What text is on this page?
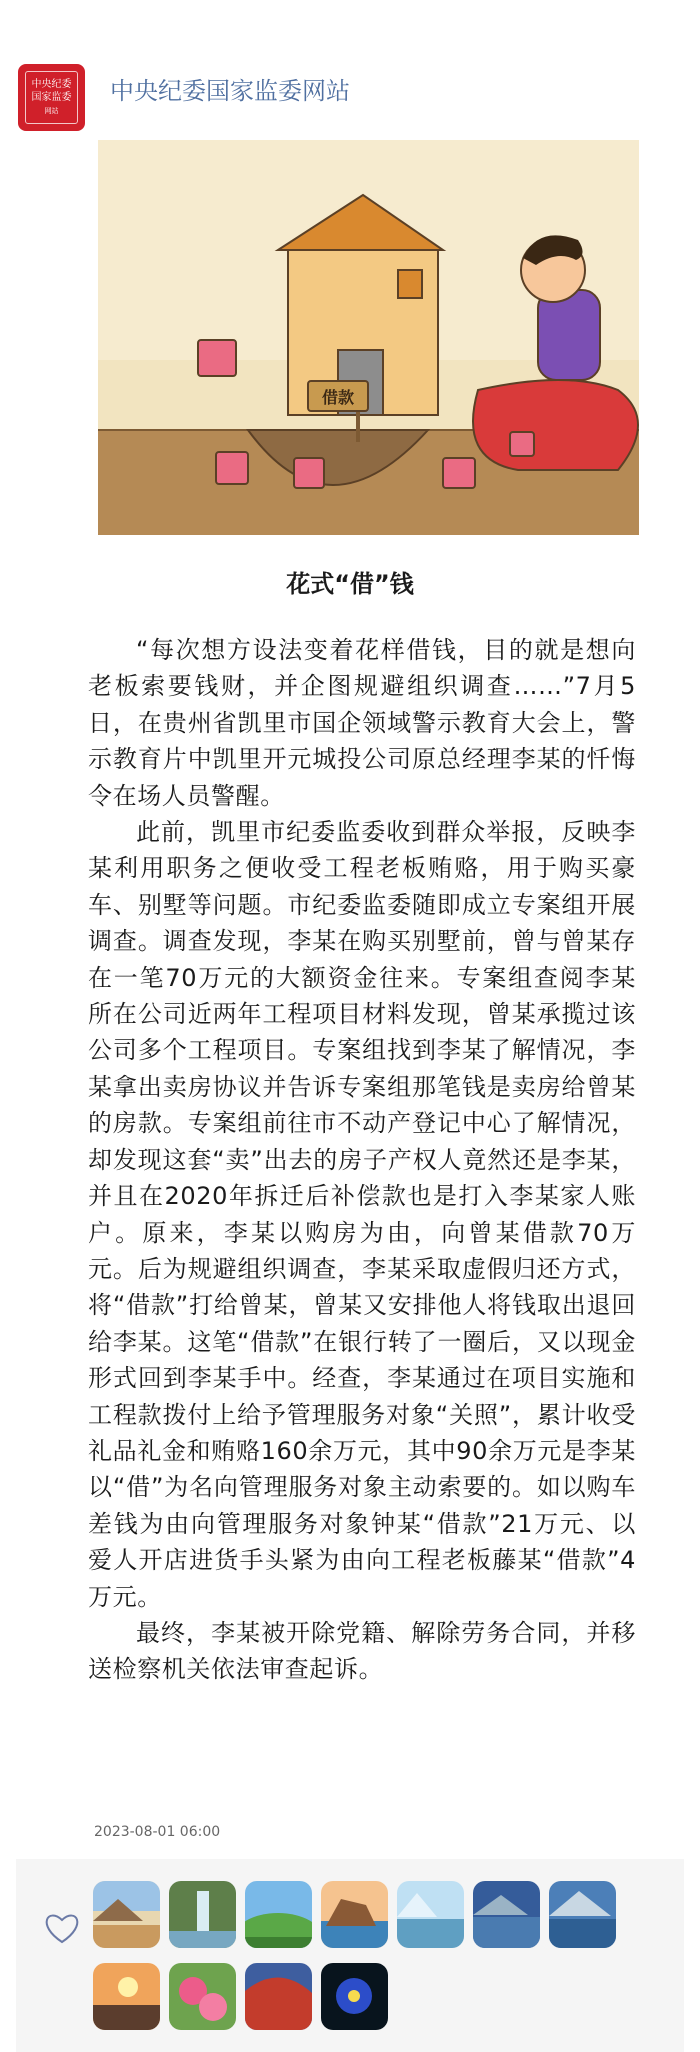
中央纪委
国家监委
网站
中央纪委国家监委网站
借款
花式“借”钱

“每次想方设法变着花样借钱，目的就是想向老板索要钱财，并企图规避组织调查……”7月5日，在贵州省凯里市国企领域警示教育大会上，警示教育片中凯里开元城投公司原总经理李某的忏悔令在场人员警醒。

此前，凯里市纪委监委收到群众举报，反映李某利用职务之便收受工程老板贿赂，用于购买豪车、别墅等问题。市纪委监委随即成立专案组开展调查。调查发现，李某在购买别墅前，曾与曾某存在一笔70万元的大额资金往来。专案组查阅李某所在公司近两年工程项目材料发现，曾某承揽过该公司多个工程项目。专案组找到李某了解情况，李某拿出卖房协议并告诉专案组那笔钱是卖房给曾某的房款。专案组前往市不动产登记中心了解情况，却发现这套“卖”出去的房子产权人竟然还是李某，并且在2020年拆迁后补偿款也是打入李某家人账户。原来，李某以购房为由，向曾某借款70万元。后为规避组织调查，李某采取虚假归还方式，将“借款”打给曾某，曾某又安排他人将钱取出退回给李某。这笔“借款”在银行转了一圈后，又以现金形式回到李某手中。经查，李某通过在项目实施和工程款拨付上给予管理服务对象“关照”，累计收受礼品礼金和贿赂160余万元，其中90余万元是李某以“借”为名向管理服务对象主动索要的。如以购车差钱为由向管理服务对象钟某“借款”21万元、以爱人开店进货手头紧为由向工程老板藤某“借款”4万元。

最终，李某被开除党籍、解除劳务合同，并移送检察机关依法审查起诉。

2023-08-01 06:00
